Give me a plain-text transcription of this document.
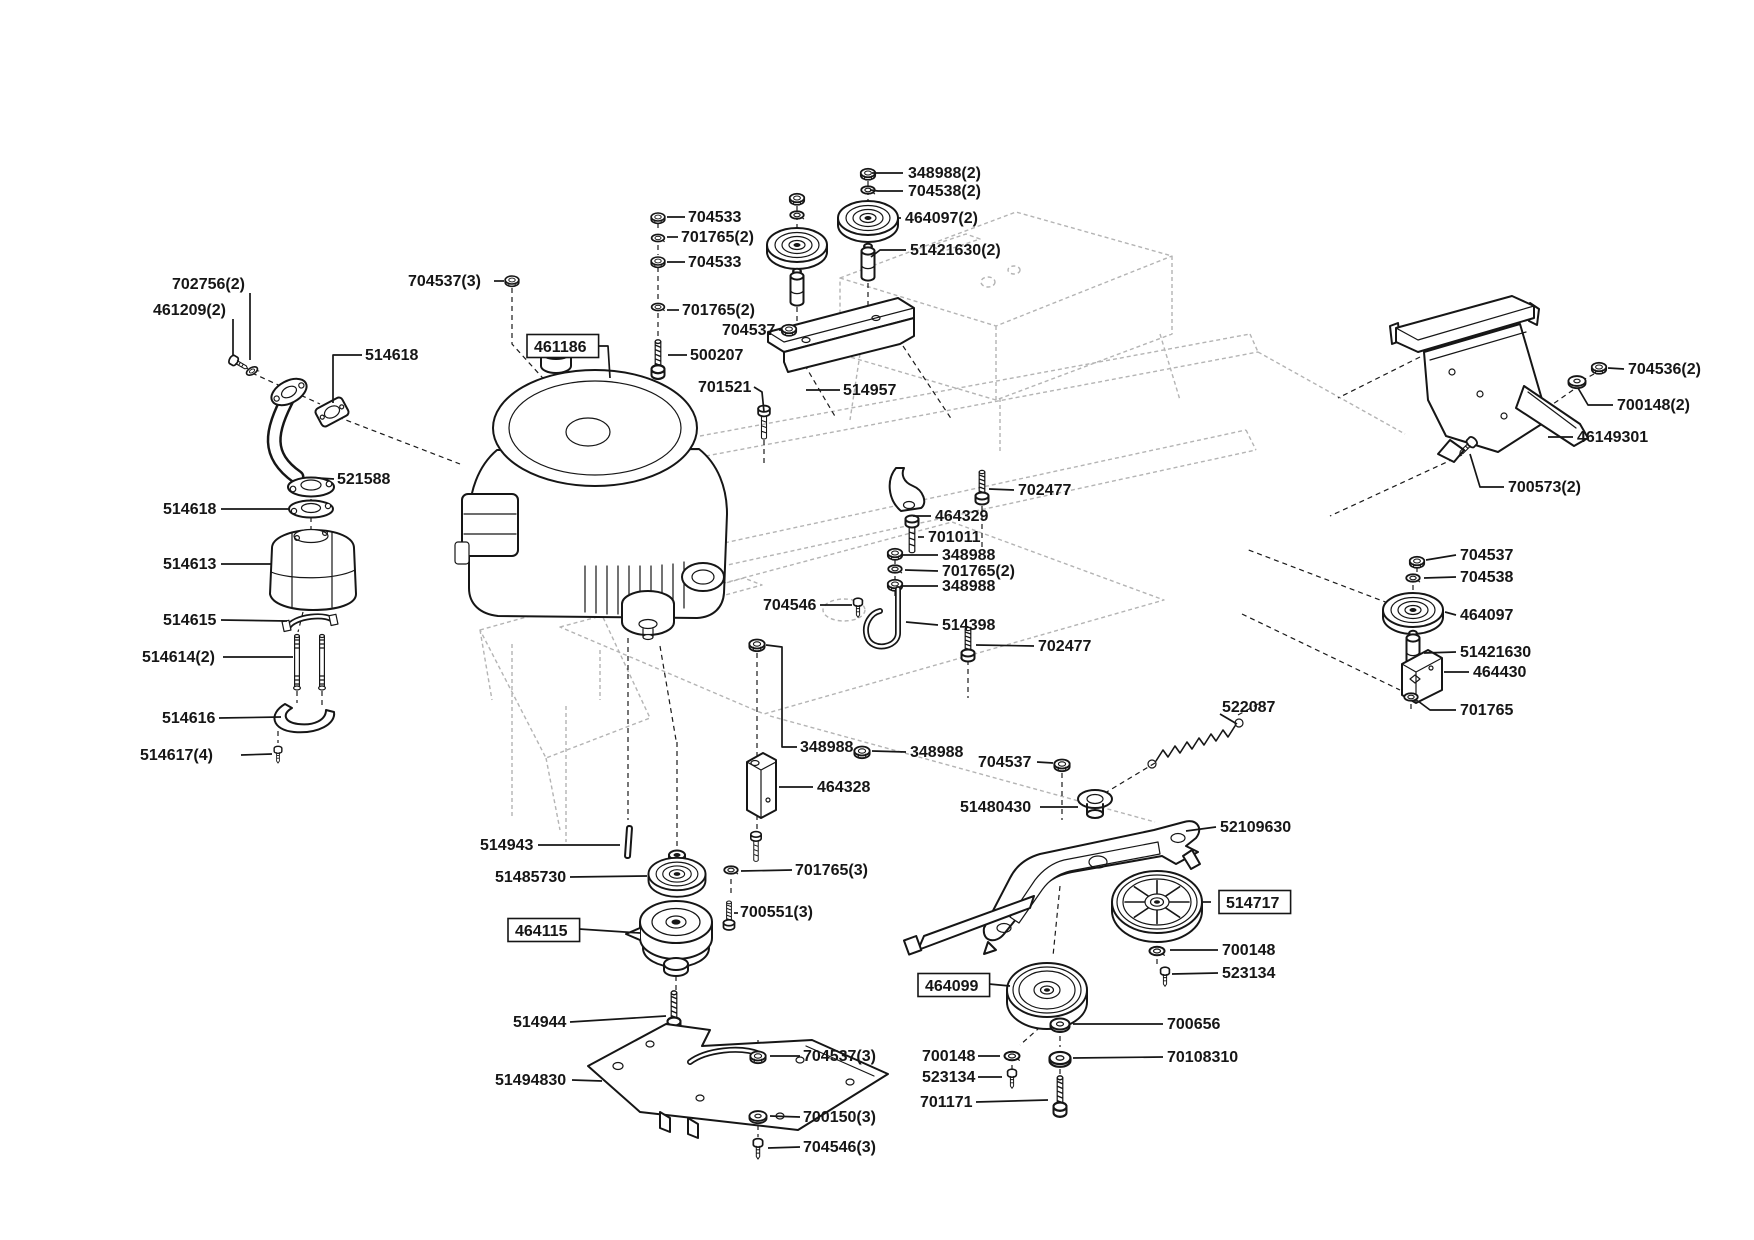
348988(2)
704538(2)
464097(2)
51421630(2)
704533
701765(2)
704533
704537(3)
701765(2)
704537
500207
461186
701521	514957
702756(2)
461209(2)
514618
521588
514618
514613
514615
514614(2)
514616
514617(4)
702477
464329
701011
348988
701765(2)
348988
704546
514398
702477
348988	348988
464328
704537
51480430
522087
52109630
514717
700148
523134
464099
700656
700148
523134
70108310
701171
514943
51485730
464115
700551(3)
701765(3)
514944
51494830
704537(3)
700150(3)
704546(3)
704536(2)
700148(2)
46149301
700573(2)
704537
704538
464097
51421630
464430
701765
